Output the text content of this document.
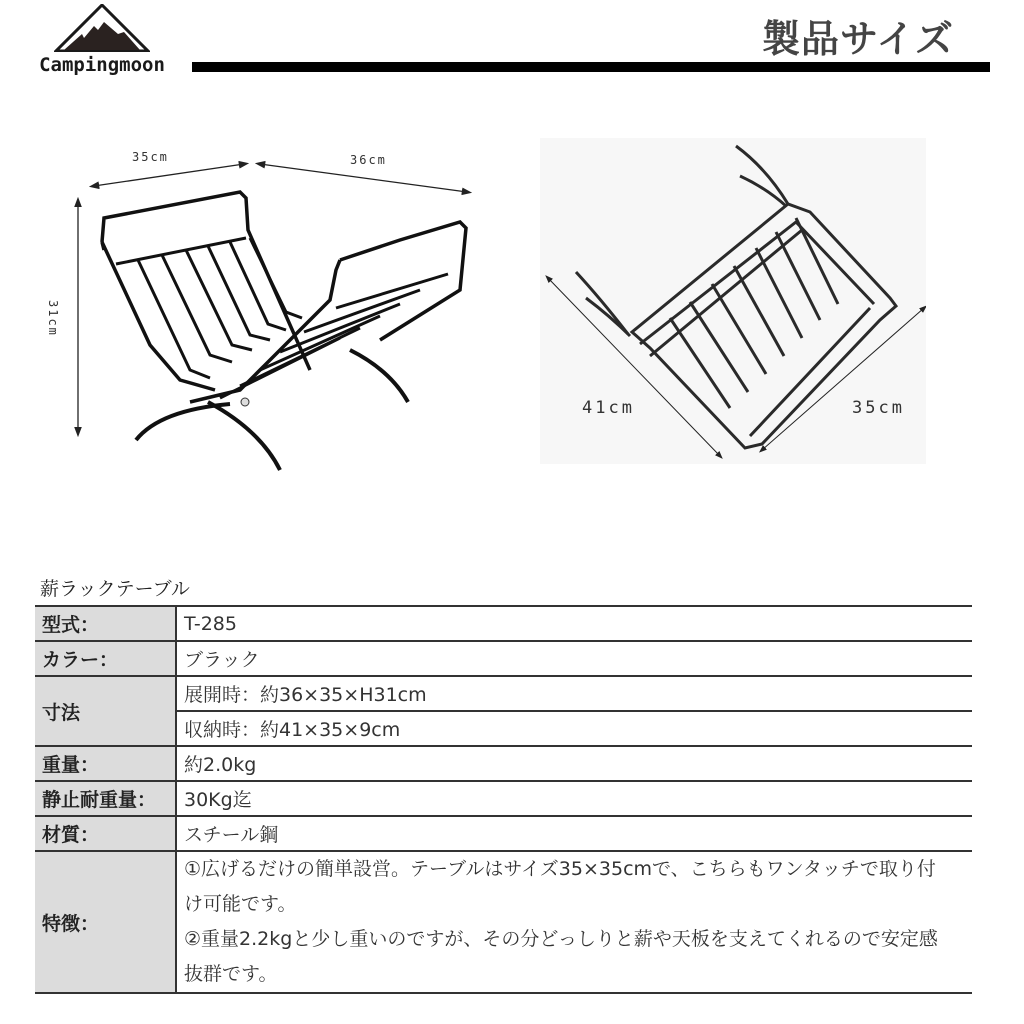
Campingmoon
製品サイズ
35cm	36cm
31cm
41cm	35cm
薪ラックテーブル
型式：	T-285
カラー：	ブラック
寸法	展開時：約36×35×H31cm
	収納時：約41×35×9cm
重量：	約2.0kg
静止耐重量：	30Kg迄
材質：	スチール鋼
特徴：	①広げるだけの簡単設営。テーブルはサイズ35×35cmで、こちらもワンタッチで取り付け可能です。
②重量2.2kgと少し重いのですが、その分どっしりと薪や天板を支えてくれるので安定感抜群です。
